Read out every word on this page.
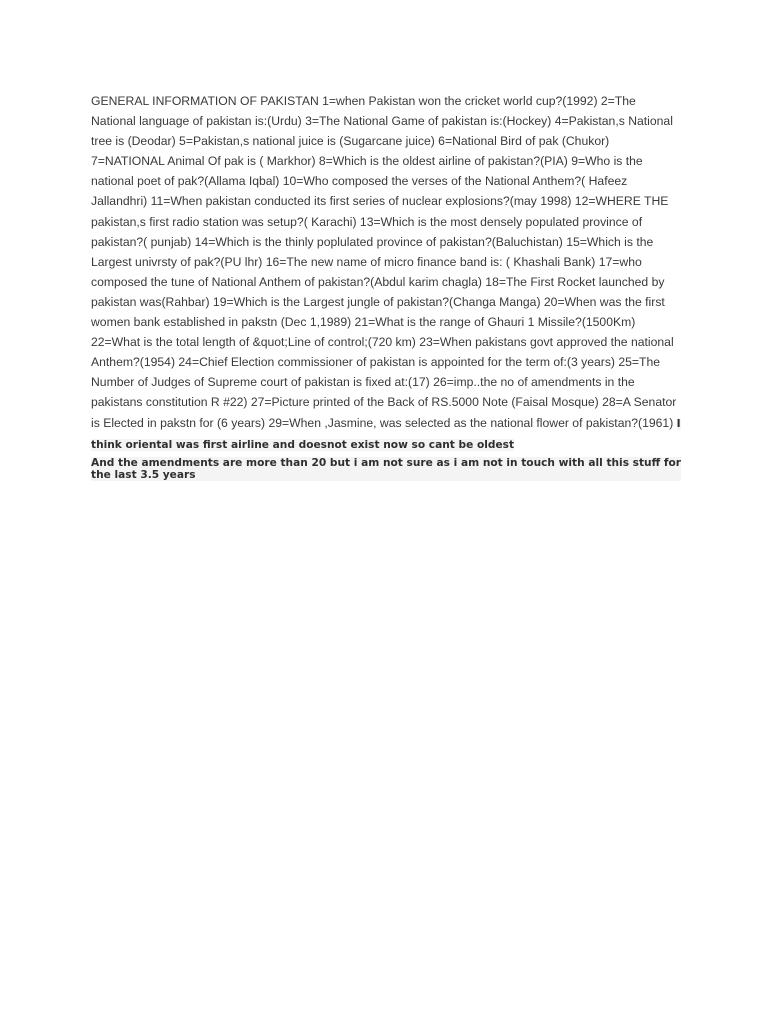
GENERAL INFORMATION OF PAKISTAN 1=when Pakistan won the cricket world cup?(1992) 2=The National language of pakistan is:(Urdu) 3=The National Game of pakistan is:(Hockey) 4=Pakistan,s National tree is (Deodar) 5=Pakistan,s national juice is (Sugarcane juice) 6=National Bird of pak (Chukor) 7=NATIONAL Animal Of pak is ( Markhor) 8=Which is the oldest airline of pakistan?(PIA) 9=Who is the national poet of pak?(Allama Iqbal) 10=Who composed the verses of the National Anthem?( Hafeez Jallandhri) 11=When pakistan conducted its first series of nuclear explosions?(may 1998) 12=WHERE THE pakistan,s first radio station was setup?( Karachi) 13=Which is the most densely populated province of pakistan?( punjab) 14=Which is the thinly poplulated province of pakistan?(Baluchistan) 15=Which is the Largest univrsty of pak?(PU lhr) 16=The new name of micro finance band is: ( Khashali Bank) 17=who composed the tune of National Anthem of pakistan?(Abdul karim chagla) 18=The First Rocket launched by pakistan was(Rahbar) 19=Which is the Largest jungle of pakistan?(Changa Manga) 20=When was the first women bank established in pakstn (Dec 1,1989) 21=What is the range of Ghauri 1 Missile?(1500Km) 22=What is the total length of &quot;Line of control;(720 km) 23=When pakistans govt approved the national Anthem?(1954) 24=Chief Election commissioner of pakistan is appointed for the term of:(3 years) 25=The Number of Judges of Supreme court of pakistan is fixed at:(17) 26=imp..the no of amendments in the pakistans constitution R #22) 27=Picture printed of the Back of RS.5000 Note (Faisal Mosque) 28=A Senator is Elected in pakstn for (6 years) 29=When ,Jasmine, was selected as the national flower of pakistan?(1961) I think oriental was first airline and doesnot exist now so cant be oldest

And the amendments are more than 20 but i am not sure as i am not in touch with all this stuff for the last 3.5 years
